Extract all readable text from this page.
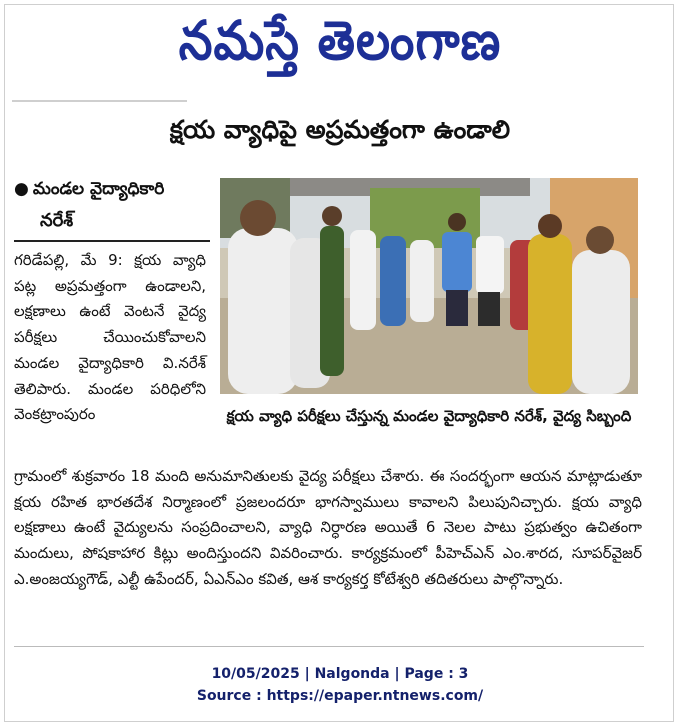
నమస్తే తెలంగాణ
క్షయ వ్యాధిపై అప్రమత్తంగా ఉండాలి
● మండల వైద్యాధికారి
నరేశ్
క్షయ వ్యాధి పరీక్షలు చేస్తున్న మండల వైద్యాధికారి నరేశ్, వైద్య సిబ్బంది
గరిడేపల్లి, మే 9: క్షయ వ్యాధి పట్ల అప్రమత్తంగా ఉండాలని, లక్షణాలు ఉంటే వెంటనే వైద్య పరీక్షలు చేయించుకోవాలని మండల వైద్యాధికారి వి.నరేశ్ తెలిపారు. మండల పరిధిలోని వెంకట్రాంపురం
గ్రామంలో శుక్రవారం 18 మంది అనుమానితులకు వైద్య పరీక్షలు చేశారు. ఈ సందర్భంగా ఆయన మాట్లాడుతూ క్షయ రహిత భారతదేశ నిర్మాణంలో ప్రజలందరూ భాగస్వాములు కావాలని పిలుపునిచ్చారు. క్షయ వ్యాధి లక్షణాలు ఉంటే వైద్యులను సంప్రదించాలని, వ్యాధి నిర్ధారణ అయితే 6 నెలల పాటు ప్రభుత్వం ఉచితంగా మందులు, పోషకాహార కిట్లు అందిస్తుందని వివరించారు. కార్యక్రమంలో పీహెచ్ఎన్ ఎం.శారద, సూపర్‌వైజర్ ఎ.అంజయ్యగౌడ్, ఎల్టీ ఉపేందర్, ఏఎన్ఎం కవిత, ఆశ కార్యకర్త కోటేశ్వరి తదితరులు పాల్గొన్నారు.
10/05/2025 | Nalgonda | Page : 3
Source : https://epaper.ntnews.com/
